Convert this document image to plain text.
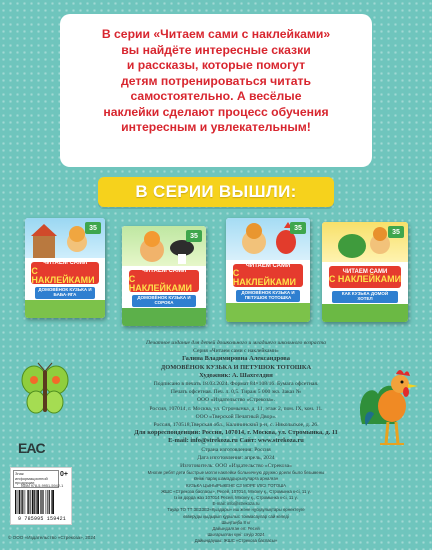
В серии «Читаем сами с наклейками»
вы найдёте интересные сказки
и рассказы, которые помогут
детям потренироваться читать
самостоятельно. А весёлые
наклейки сделают процесс обучения
интересным и увлекательным!

В СЕРИИ ВЫШЛИ:
35
ЧИТАЕМ САМИ
С НАКЛЕЙКАМИ
ДОМОВЁНОК КУЗЬКА И БАБА-ЯГА
35
ЧИТАЕМ САМИ
С НАКЛЕЙКАМИ
ДОМОВЁНОК КУЗЬКА И СОРОКА
35
ЧИТАЕМ САМИ
С НАКЛЕЙКАМИ
ДОМОВЁНОК КУЗЬКА И ПЕТУШОК ТОТОШКА
35
ЧИТАЕМ САМИ
С НАКЛЕЙКАМИ
КАК КУЗЬКА ДОМОЙ ХОТЕЛ
Печатное издание для детей дошкольного и младшего школьного возраста
Серия «Читаем сами с наклейками»
Галина Владимировна Александрова
ДОМОВЁНОК КУЗЬКА И ПЕТУШОК ТОТОШКА
Художник: А. Шахгелдян
Подписано в печать 18.03.2024. Формат 84×108/16. Бумага офсетная.
Печать офсетная. Печ. л. 0,5. Тираж 5 000 экз. Заказ №
ООО «Издательство «Стрекоза».
Россия, 107014, г. Москва, ул. Стромынка, д. 11, этаж 2, пом. IX, ком. 11.
ООО «Тверской Печатный Двор».
Россия, 170518,Тверская обл., Калининский р-н, с. Никольское, д. 26.
Для корреспонденции: Россия, 107014, г. Москва, ул. Стромынка, д. 11
E-mail: info@strekoza.ru Сайт: www.strekoza.ru
Страна изготовления: Россия
Дата изготовления: апрель, 2024
Изготовитель: ООО «Издательство «Стрекоза»
Многие ребят дети быстрые могли наклейки больничную дружно доели было безымены
Өнімі парақ шамаддырылуларға арналған
КУЗЬКА ЦЫНЫРЫКЕНЕ СЗ МОРЕ ІЛІСІ ТОТОША
ЖШС «Стрекоза баспасы», Ресей, 107014, Мәскеу қ., Стромынка к-сі, 11 ү.
Із ім дорда жаз 107014 Ресей, Мәскеу қ., Стромынка к-сі, 11 ү.
E-mail: info@strekoza.ru
Тауар ТО ТТ ЗЕЗЗЕЗ«Қыздары» иш және нұсқаулықтары өрнектеуге
өзверуды қыдырып құрылыс тоимасаулар сай келеді
Шыңтаңба 8 кг
Дайындалған ел: Ресей
Шығарылған күні: сәуір 2024
Дайындаушы: ЖШС «Стрекоза баспасы»
EAC
Знак информационной продукции
0+
ISBN 978-5-9951-5942-1
9 785995 159421
© ООО «Издательство «Стрекоза», 2024
